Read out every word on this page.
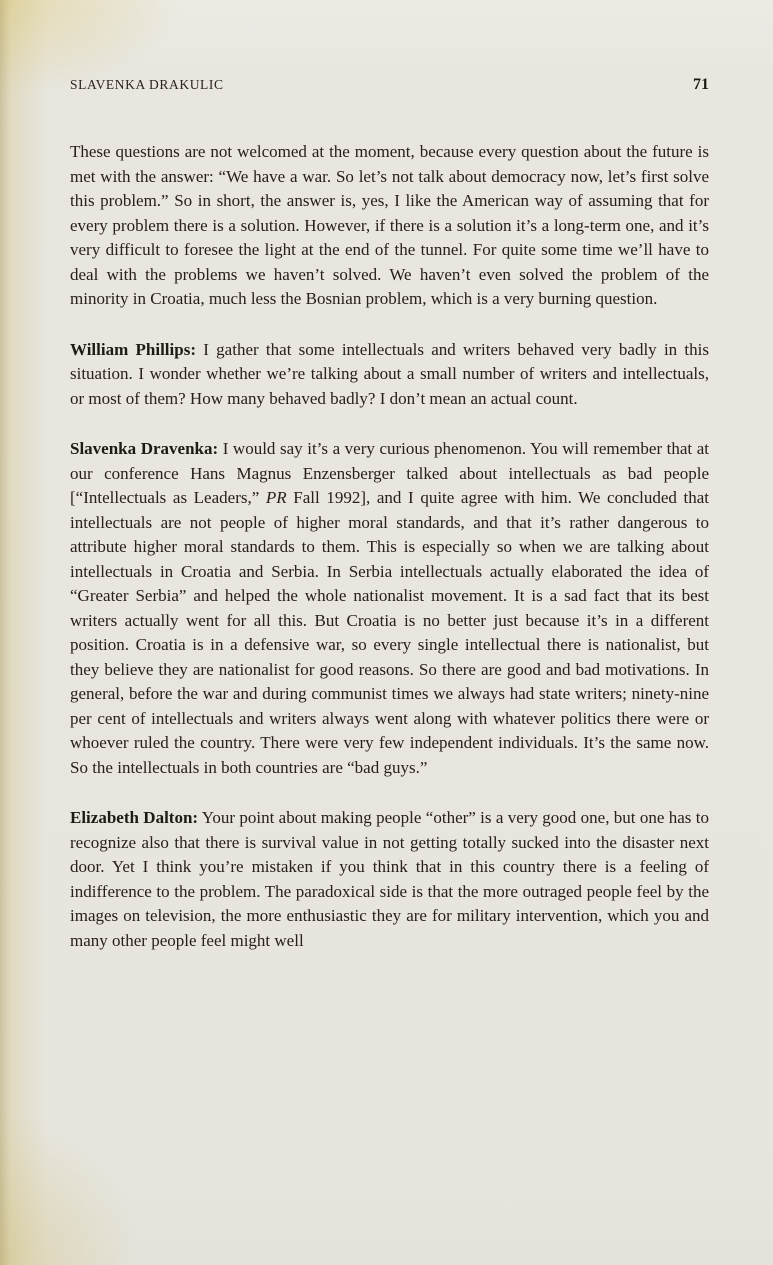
SLAVENKA DRAKULIC	71

These questions are not welcomed at the moment, because every question about the future is met with the answer: “We have a war. So let’s not talk about democracy now, let’s first solve this problem.” So in short, the answer is, yes, I like the American way of assuming that for every problem there is a solution. However, if there is a solution it’s a long-term one, and it’s very difficult to foresee the light at the end of the tunnel. For quite some time we’ll have to deal with the problems we haven’t solved. We haven’t even solved the problem of the minority in Croatia, much less the Bosnian problem, which is a very burning question.

William Phillips: I gather that some intellectuals and writers behaved very badly in this situation. I wonder whether we’re talking about a small number of writers and intellectuals, or most of them? How many behaved badly? I don’t mean an actual count.

Slavenka Dravenka: I would say it’s a very curious phenomenon. You will remember that at our conference Hans Magnus Enzensberger talked about intellectuals as bad people [“Intellectuals as Leaders,” PR Fall 1992], and I quite agree with him. We concluded that intellectuals are not people of higher moral standards, and that it’s rather dangerous to attribute higher moral standards to them. This is especially so when we are talking about intellectuals in Croatia and Serbia. In Serbia intellectuals actually elaborated the idea of “Greater Serbia” and helped the whole nationalist movement. It is a sad fact that its best writers actually went for all this. But Croatia is no better just because it’s in a different position. Croatia is in a defensive war, so every single intellectual there is nationalist, but they believe they are nationalist for good reasons. So there are good and bad motivations. In general, before the war and during communist times we always had state writers; ninety-nine per cent of intellectuals and writers always went along with whatever politics there were or whoever ruled the country. There were very few independent individuals. It’s the same now. So the intellectuals in both countries are “bad guys.”

Elizabeth Dalton: Your point about making people “other” is a very good one, but one has to recognize also that there is survival value in not getting totally sucked into the disaster next door. Yet I think you’re mistaken if you think that in this country there is a feeling of indifference to the problem. The paradoxical side is that the more outraged people feel by the images on television, the more enthusiastic they are for military intervention, which you and many other people feel might well
